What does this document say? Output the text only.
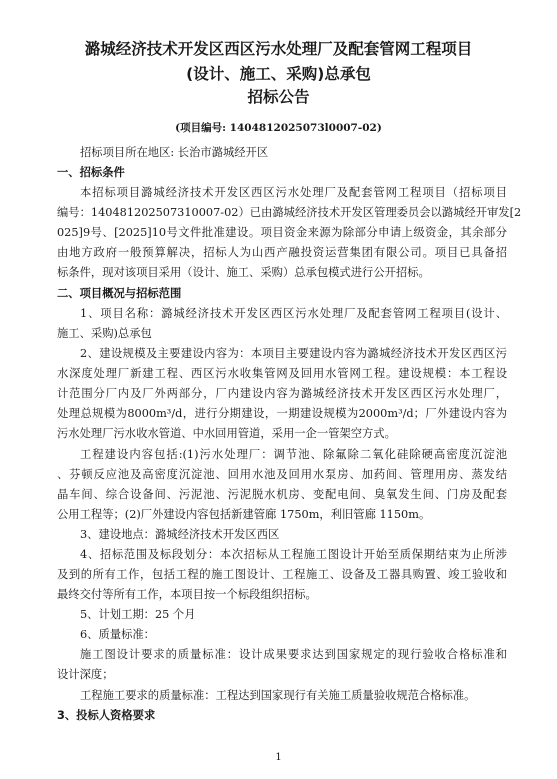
潞城经济技术开发区西区污水处理厂及配套管网工程项目
(设计、施工、采购)总承包
招标公告
(项目编号: 1404812025073l0007-02)
招标项目所在地区: 长治市潞城经开区
一、招标条件
本招标项目潞城经济技术开发区西区污水处理厂及配套管网工程项目（招标项目
编号：140481202507310007-02）已由潞城经济技术开发区管理委员会以潞城经开审发[2
025]9号、[2025]10号文件批准建设。项目资金来源为除部分申请上级资金，其余部分
由地方政府一般预算解决，招标人为山西产融投资运营集团有限公司。项目已具备招
标条件，现对该项目采用（设计、施工、采购）总承包模式进行公开招标。
二、项目概况与招标范围
1、项目名称：潞城经济技术开发区西区污水处理厂及配套管网工程项目(设计、
施工、采购)总承包
2、建设规模及主要建设内容为：本项目主要建设内容为潞城经济技术开发区西区污
水深度处理厂新建工程、西区污水收集管网及回用水管网工程。建设规模：本工程设
计范围分厂内及厂外两部分，厂内建设内容为潞城经济技术开发区西区污水处理厂，
处理总规模为8000m³/d，进行分期建设，一期建设规模为2000m³/d；厂外建设内容为
污水处理厂污水收水管道、中水回用管道，采用一企一管架空方式。
工程建设内容包括:(1)污水处理厂：调节池、除氟除二氧化硅除硬高密度沉淀池
、芬顿反应池及高密度沉淀池、回用水池及回用水泵房、加药间、管理用房、蒸发结
晶车间、综合设备间、污泥池、污泥脱水机房、变配电间、臭氧发生间、门房及配套
公用工程等；(2)厂外建设内容包括新建管廊 1750m，利旧管廊 1150m。
3、建设地点：潞城经济技术开发区西区
4、招标范围及标段划分：本次招标从工程施工图设计开始至质保期结束为止所涉
及到的所有工作，包括工程的施工图设计、工程施工、设备及工器具购置、竣工验收和
最终交付等所有工作，本项目按一个标段组织招标。
5、计划工期：25 个月
6、质量标准：
施工图设计要求的质量标准：设计成果要求达到国家规定的现行验收合格标准和
设计深度；
工程施工要求的质量标准：工程达到国家现行有关施工质量验收规范合格标准。
3、投标人资格要求
1
